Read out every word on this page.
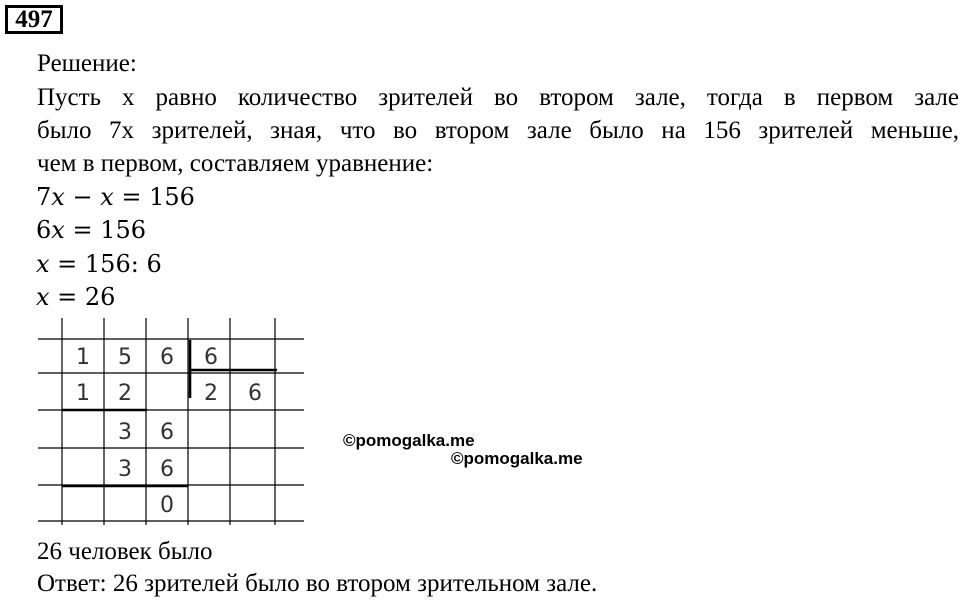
497
Решение:
Пусть х равно количество зрителей во втором зале, тогда в первом зале
было 7х зрителей, зная, что во втором зале было на 156 зрителей меньше,
чем в первом, составляем уравнение:
7x − x = 156
6x = 156
x = 156: 6
x = 26
1 5 6 6
1 2	2 6
3 6
3 6
0
©pomogalka.me
©pomogalka.me
26 человек было
Ответ: 26 зрителей было во втором зрительном зале.
